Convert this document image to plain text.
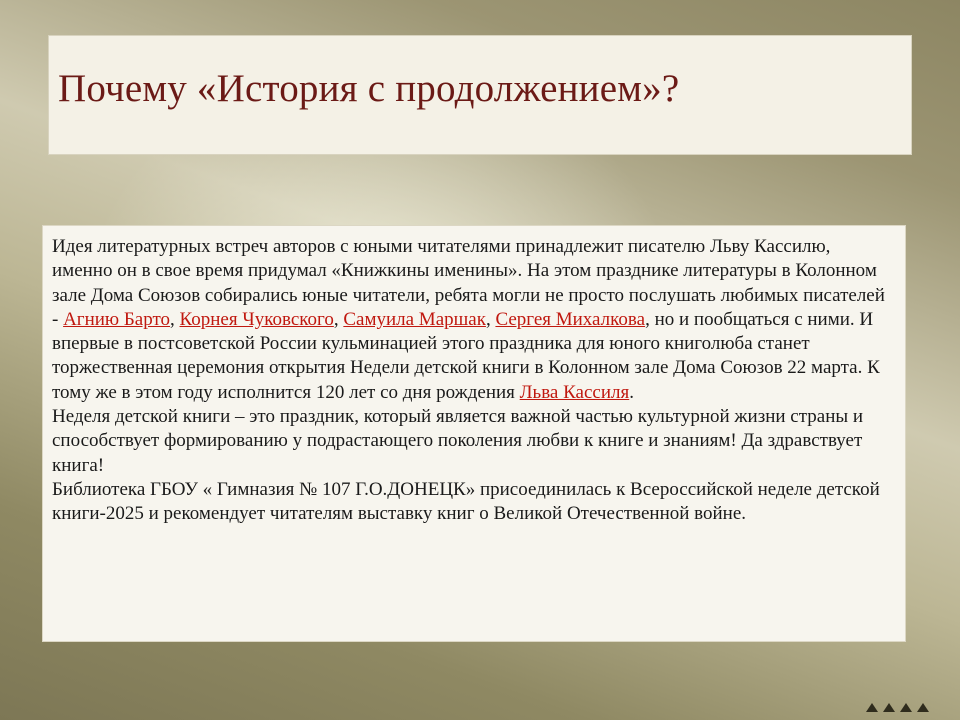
Почему «История с продолжением»?

Идея литературных встреч авторов с юными читателями принадлежит писателю Льву Кассилю, именно он в свое время придумал «Книжкины именины». На этом празднике литературы в Колонном зале Дома Союзов собирались юные читатели, ребята могли не просто послушать любимых писателей - Агнию Барто, Корнея Чуковского, Самуила Маршак, Сергея Михалкова, но и пообщаться с ними. И впервые в постсоветской России кульминацией этого праздника для юного книголюба станет торжественная церемония открытия Недели детской книги в Колонном зале Дома Союзов 22 марта. К тому же в этом году исполнится 120 лет со дня рождения Льва Кассиля.

Неделя детской книги – это праздник, который является важной частью культурной жизни страны и способствует формированию у подрастающего поколения любви к книге и знаниям! Да здравствует книга!

Библиотека ГБОУ « Гимназия № 107 Г.О.ДОНЕЦК» присоединилась к Всероссийской неделе детской книги-2025 и рекомендует читателям выставку книг о Великой Отечественной войне.
